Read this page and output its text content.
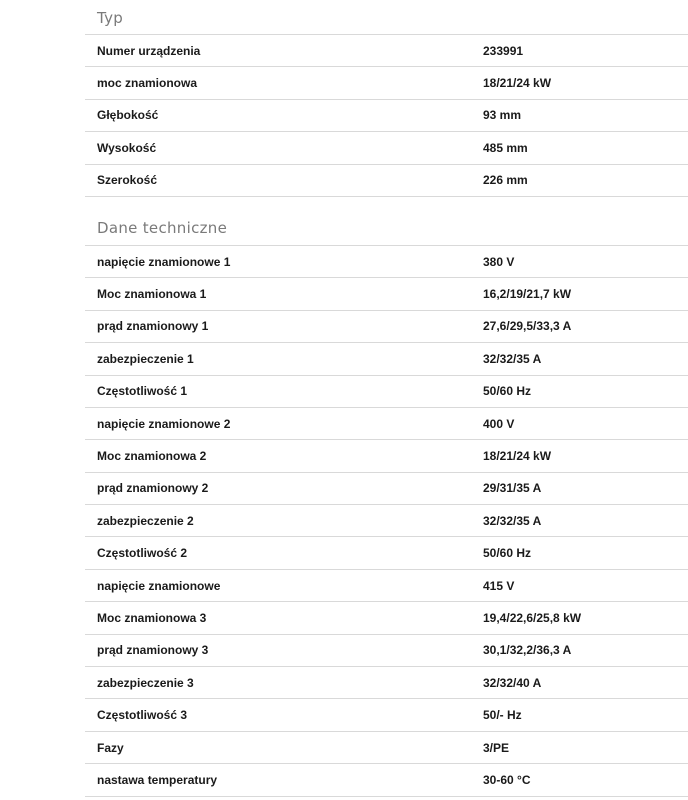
Typ
Numer urządzenia	233991
moc znamionowa	18/21/24 kW
Głębokość	93 mm
Wysokość	485 mm
Szerokość	226 mm
Dane techniczne
napięcie znamionowe 1	380 V
Moc znamionowa 1	16,2/19/21,7 kW
prąd znamionowy 1	27,6/29,5/33,3 A
zabezpieczenie 1	32/32/35 A
Częstotliwość 1	50/60 Hz
napięcie znamionowe 2	400 V
Moc znamionowa 2	18/21/24 kW
prąd znamionowy 2	29/31/35 A
zabezpieczenie 2	32/32/35 A
Częstotliwość 2	50/60 Hz
napięcie znamionowe	415 V
Moc znamionowa 3	19,4/22,6/25,8 kW
prąd znamionowy 3	30,1/32,2/36,3 A
zabezpieczenie 3	32/32/40 A
Częstotliwość 3	50/- Hz
Fazy	3/PE
nastawa temperatury	30-60 °C
